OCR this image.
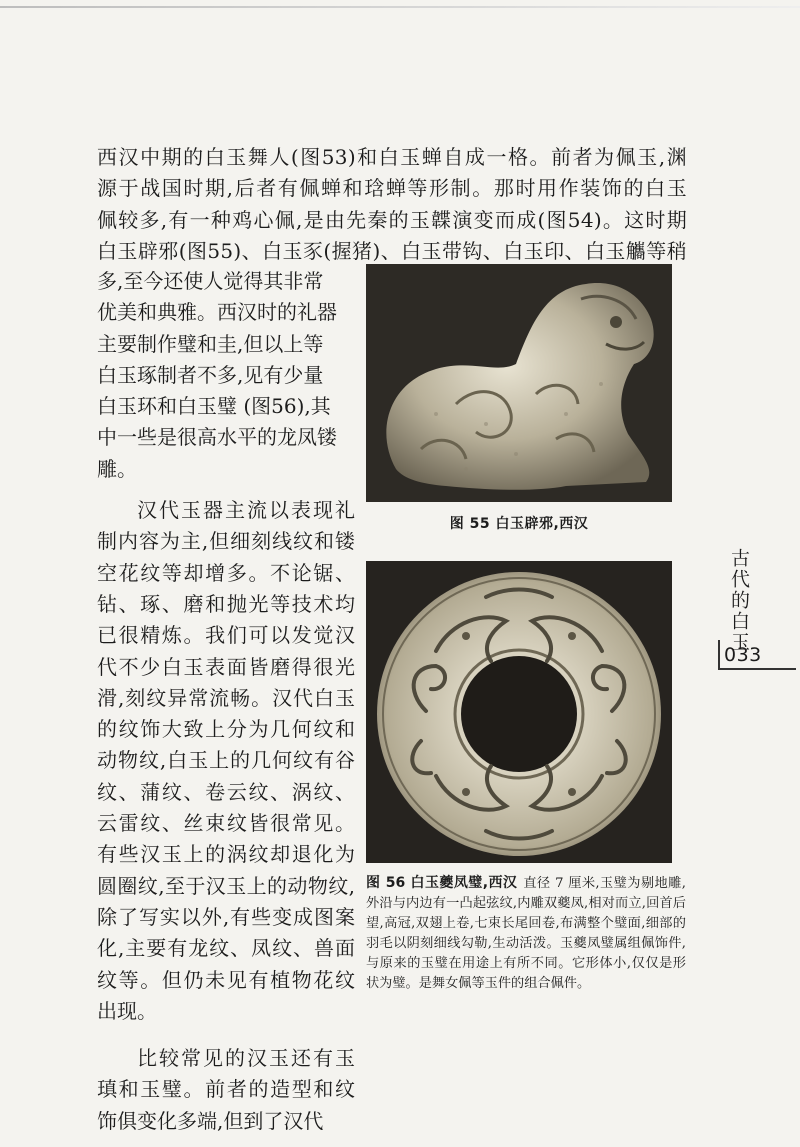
西汉中期的白玉舞人(图53)和白玉蝉自成一格。前者为佩玉,渊

源于战国时期,后者有佩蝉和琀蝉等形制。那时用作装饰的白玉

佩较多,有一种鸡心佩,是由先秦的玉韘演变而成(图54)。这时期

白玉辟邪(图55)、白玉豕(握猪)、白玉带钩、白玉印、白玉觿等稍

多,至今还使人觉得其非常

优美和典雅。西汉时的礼器

主要制作璧和圭,但以上等

白玉琢制者不多,见有少量

白玉环和白玉璧 (图56),其

中一些是很高水平的龙凤镂

雕。

汉代玉器主流以表现礼制内容为主,但细刻线纹和镂空花纹等却增多。不论锯、钻、琢、磨和抛光等技术均已很精炼。我们可以发觉汉代不少白玉表面皆磨得很光滑,刻纹异常流畅。汉代白玉的纹饰大致上分为几何纹和动物纹,白玉上的几何纹有谷纹、蒲纹、卷云纹、涡纹、云雷纹、丝束纹皆很常见。有些汉玉上的涡纹却退化为圆圈纹,至于汉玉上的动物纹,除了写实以外,有些变成图案化,主要有龙纹、凤纹、兽面纹等。但仍未见有植物花纹出现。

比较常见的汉玉还有玉瑱和玉璧。前者的造型和纹饰俱变化多端,但到了汉代

图 55 白玉辟邪,西汉
图 56 白玉夔凤璧,西汉 直径 7 厘米,玉璧为剔地雕,外沿与内边有一凸起弦纹,内雕双夔凤,相对而立,回首后望,高冠,双翅上卷,七束长尾回卷,布满整个璧面,细部的羽毛以阴刻细线勾勒,生动活泼。玉夔凤璧属组佩饰件,与原来的玉璧在用途上有所不同。它形体小,仅仅是形状为璧。是舞女佩等玉件的组合佩件。
古代的白玉
033
